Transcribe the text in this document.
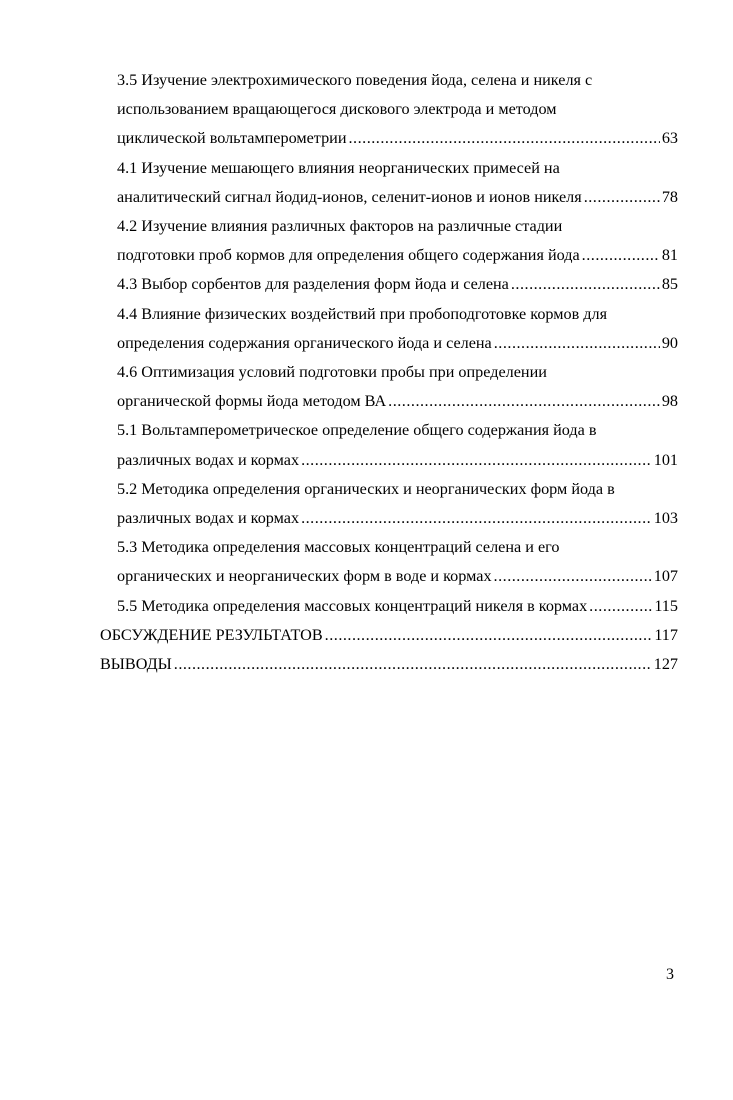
3.5 Изучение электрохимического поведения йода, селена и никеля с
использованием вращающегося дискового электрода и методом
циклической вольтамперометрии .....	63
4.1 Изучение мешающего влияния неорганических примесей на
аналитический сигнал йодид-ионов, селенит-ионов и ионов никеля .....	78
4.2 Изучение влияния различных факторов на различные стадии
подготовки проб кормов для определения общего содержания йода .....	81
4.3 Выбор сорбентов для разделения форм йода и селена .....	85
4.4 Влияние физических воздействий при пробоподготовке кормов для
определения содержания органического йода и селена .....	90
4.6 Оптимизация условий подготовки пробы при определении
органической формы йода методом ВА .....	98
5.1 Вольтамперометрическое определение общего содержания йода в
различных водах и кормах .....	101
5.2 Методика определения органических и неорганических форм йода в
различных водах и кормах .....	103
5.3 Методика определения массовых концентраций селена и его
органических и неорганических форм в воде и кормах .....	107
5.5 Методика определения массовых концентраций никеля в кормах .....	115
ОБСУЖДЕНИЕ РЕЗУЛЬТАТОВ .....	117
ВЫВОДЫ .....	127
3
